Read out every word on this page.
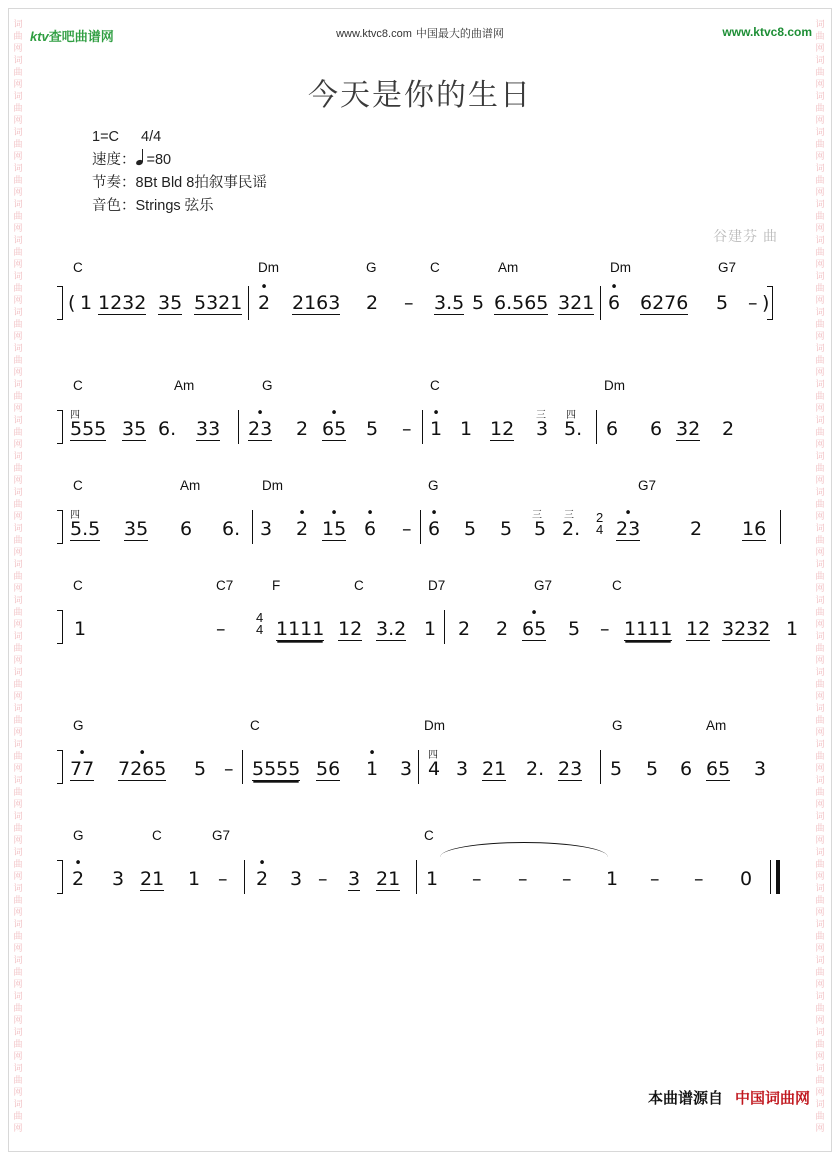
词曲网词曲网词曲网词曲网词曲网词曲网词曲网词曲网词曲网词曲网词曲网词曲网词曲网词曲网词曲网词曲网词曲网词曲网词曲网词曲网词曲网词曲网词曲网词曲网词曲网词曲网词曲网词曲网词曲网词曲网词曲网
词曲网词曲网词曲网词曲网词曲网词曲网词曲网词曲网词曲网词曲网词曲网词曲网词曲网词曲网词曲网词曲网词曲网词曲网词曲网词曲网词曲网词曲网词曲网词曲网词曲网词曲网词曲网词曲网词曲网词曲网词曲网
ktv查吧曲谱网	www.ktvc8.com 中国最大的曲谱网	www.ktvc8.com
今天是你的生日
1=C 4/4
速度： =80
节奏：8Bt Bld 8拍叙事民谣
音色：Strings 弦乐
谷建芬 曲
C	Dm	G	C	Am	Dm	G7
( 1 1232 35 5321 • 2 2163 2 – 3.5 5 6.565 321 • 6 6276 5 – )
C	Am	G	C	Dm
四
555 35 6. 33 • 23 2 • 65 5 – • 1 1 12
三
3
四
5. 6 6 32 2
C	Am	Dm	G	G7
四
5.5 35 6 6. 3 • 2 • 15 • 6 – • 6 5 5
三
5
三
2.
2
4 • 23	2 16
C	C7	F	C	D7	G7	C
1	–
4
4 1111 12 3.2 1 2 2 • 65 5 – 1111 12 3232 1
G	C	Dm	G	Am
• 77 • 7265 5 – 5555 56 • 1 3
四
4 3 21 2. 23 5 5 6 65 3
G	C	G7	C
• 2 3 21 1 – • 2 3 – 3 21 1 – – – 1 – – 0
本曲谱源自 中国词曲网
